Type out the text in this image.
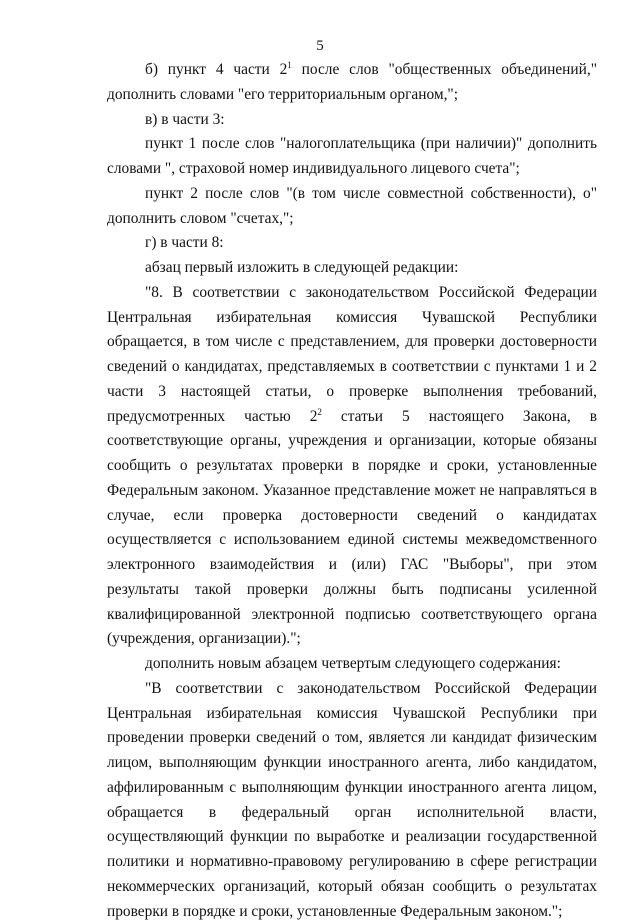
5

б) пункт 4 части $2^1$ после слов "общественных объединений," дополнить словами "его территориальным органом,";

в) в части 3:

пункт 1 после слов "налогоплательщика (при наличии)" дополнить словами ", страховой номер индивидуального лицевого счета";

пункт 2 после слов "(в том числе совместной собственности), о" дополнить словом "счетах,";

г) в части 8:

абзац первый изложить в следующей редакции:

"8. В соответствии с законодательством Российской Федерации Центральная избирательная комиссия Чувашской Республики обращается, в том числе с представлением, для проверки достоверности сведений о кандидатах, представляемых в соответствии с пунктами 1 и 2 части 3 настоящей статьи, о проверке выполнения требований, предусмотренных частью $2^2$ статьи 5 настоящего Закона, в соответствующие органы, учреждения и организации, которые обязаны сообщить о результатах проверки в порядке и сроки, установленные Федеральным законом. Указанное представление может не направляться в случае, если проверка достоверности сведений о кандидатах осуществляется с использованием единой системы межведомственного электронного взаимодействия и (или) ГАС "Выборы", при этом результаты такой проверки должны быть подписаны усиленной квалифицированной электронной подписью соответствующего органа (учреждения, организации).";

дополнить новым абзацем четвертым следующего содержания:

"В соответствии с законодательством Российской Федерации Центральная избирательная комиссия Чувашской Республики при проведении проверки сведений о том, является ли кандидат физическим лицом, выполняющим функции иностранного агента, либо кандидатом, аффилированным с выполняющим функции иностранного агента лицом, обращается в федеральный орган исполнительной власти, осуществляющий функции по выработке и реализации государственной политики и нормативно-правовому регулированию в сфере регистрации некоммерческих организаций, который обязан сообщить о результатах проверки в порядке и сроки, установленные Федеральным законом.";
